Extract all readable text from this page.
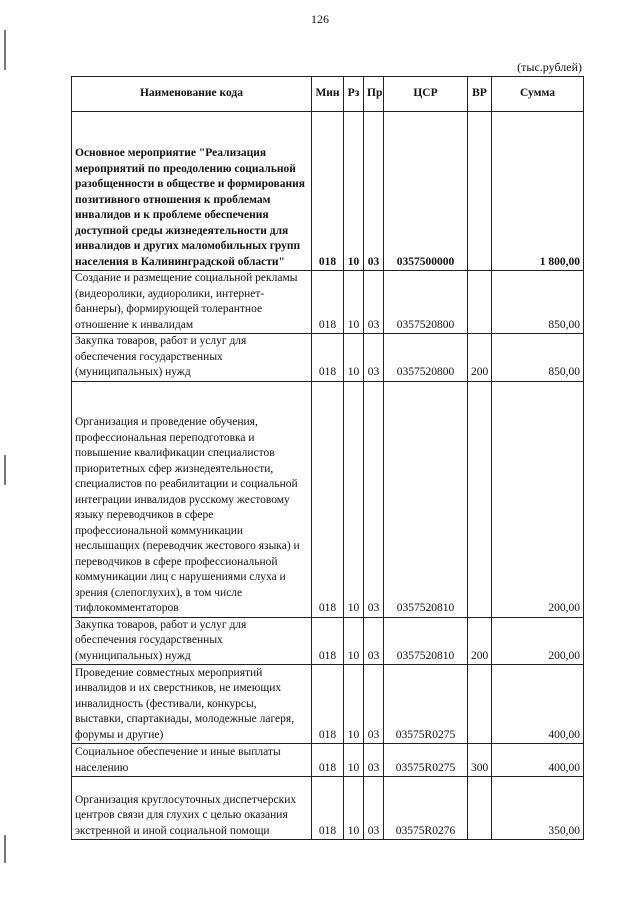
126
(тыс.рублей)
Наименование кода	Мин	Рз	Пр	ЦСР	ВР	Сумма
Основное мероприятие "Реализация мероприятий по преодолению социальной разобщенности в обществе и формирования позитивного отношения к проблемам инвалидов и к проблеме обеспечения доступной среды жизнедеятельности для инвалидов и других маломобильных групп населения в Калининградской области"	018	10	03	0357500000		1 800,00
Создание и размещение социальной рекламы (видеоролики, аудиоролики, интернет-баннеры), формирующей толерантное отношение к инвалидам	018	10	03	0357520800		850,00
Закупка товаров, работ и услуг для обеспечения государственных (муниципальных) нужд	018	10	03	0357520800	200	850,00
Организация и проведение обучения, профессиональная переподготовка и повышение квалификации специалистов приоритетных сфер жизнедеятельности, специалистов по реабилитации и социальной интеграции инвалидов русскому жестовому языку переводчиков в сфере профессиональной коммуникации неслышащих (переводчик жестового языка) и переводчиков в сфере профессиональной коммуникации лиц с нарушениями слуха и зрения (слепоглухих), в том числе тифлокомментаторов	018	10	03	0357520810		200,00
Закупка товаров, работ и услуг для обеспечения государственных (муниципальных) нужд	018	10	03	0357520810	200	200,00
Проведение совместных мероприятий инвалидов и их сверстников, не имеющих инвалидность (фестивали, конкурсы, выставки, спартакиады, молодежные лагеря, форумы и другие)	018	10	03	03575R0275		400,00
Социальное обеспечение и иные выплаты населению	018	10	03	03575R0275	300	400,00
Организация круглосуточных диспетчерских центров связи для глухих с целью оказания экстренной и иной социальной помощи	018	10	03	03575R0276		350,00
